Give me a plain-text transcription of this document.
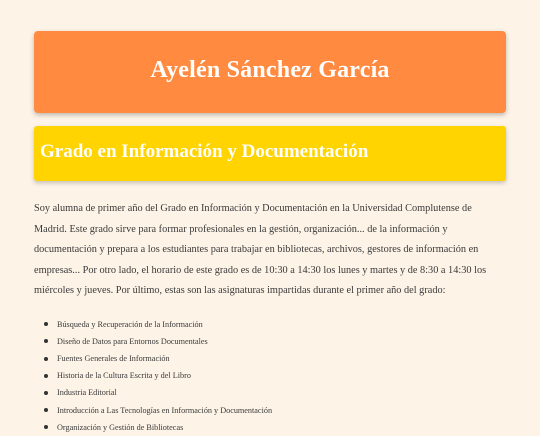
Ayelén Sánchez García
Grado en Información y Documentación

Soy alumna de primer año del Grado en Información y Documentación en la Universidad Complutense de Madrid. Este grado sirve para formar profesionales en la gestión, organización... de la información y documentación y prepara a los estudiantes para trabajar en bibliotecas, archivos, gestores de información en empresas... Por otro lado, el horario de este grado es de 10:30 a 14:30 los lunes y martes y de 8:30 a 14:30 los miércoles y jueves. Por último, estas son las asignaturas impartidas durante el primer año del grado:

Búsqueda y Recuperación de la Información
Diseño de Datos para Entornos Documentales
Fuentes Generales de Información
Historia de la Cultura Escrita y del Libro
Industria Editorial
Introducción a Las Tecnologías en Información y Documentación
Organización y Gestión de Bibliotecas
